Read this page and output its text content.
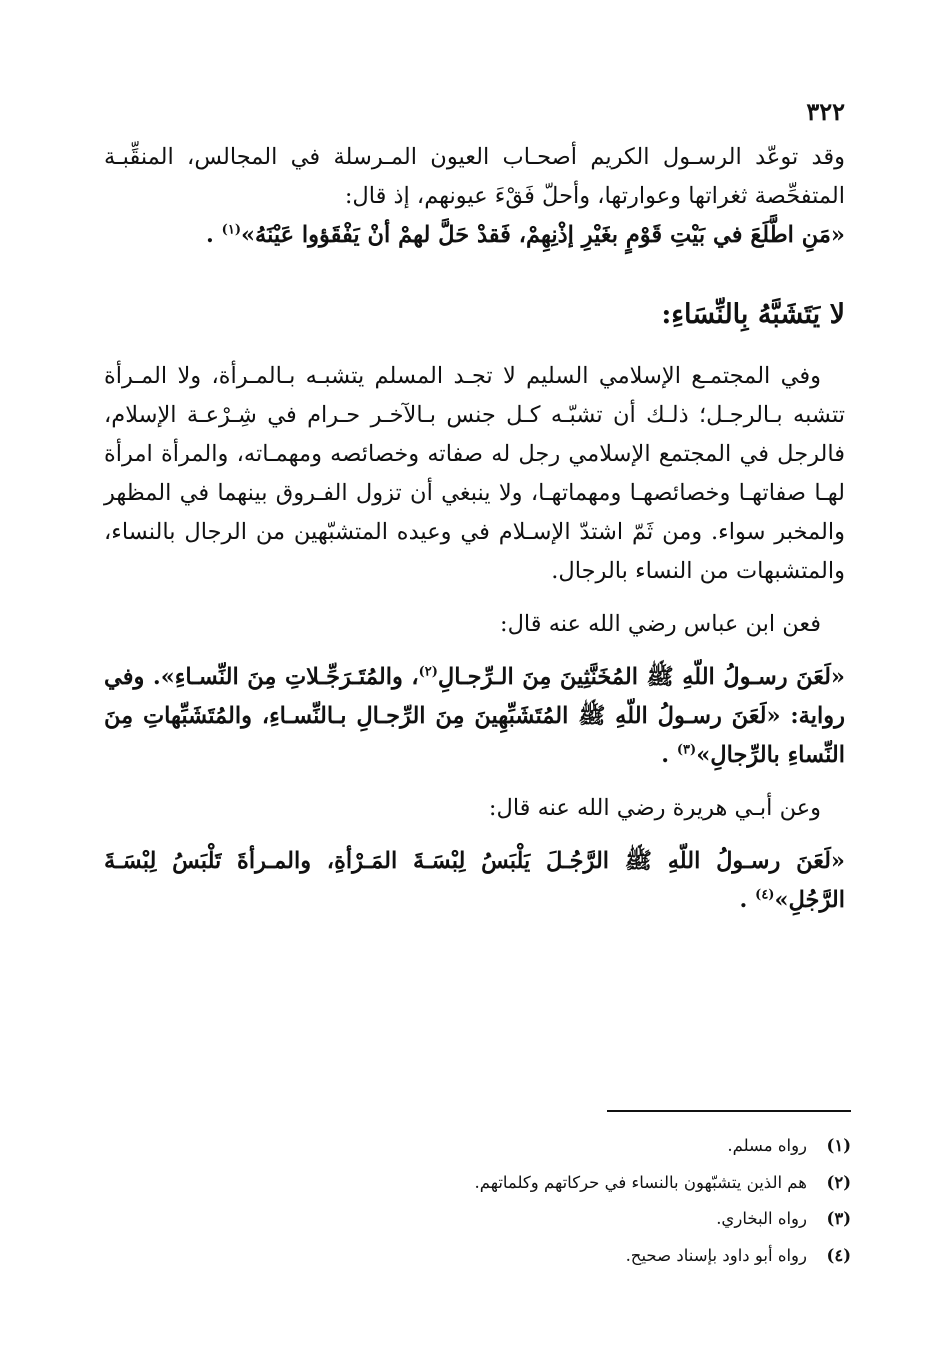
٣٢٢

وقد توعّد الرسـول الكريم أصحـاب العيون المـرسلة في المجالس، المنقِّبـة المتفحِّصة ثغراتها وعوارتها، وأحلّ فَقْءَ عيونهم، إذ قال:

«مَنِ اطَّلَعَ في بَيْتِ قَوْمٍ بغَيْرِ إذْنِهِمْ، فَقدْ حَلَّ لهمْ أنْ يَفْقَؤوا عَيْنَهُ»$^{(١)}$ .

لا يَتَشَبَّهُ بِالنِّسَاءِ:

وفي المجتمـع الإسلامي السليم لا تجـد المسلم يتشبـه بـالمـرأة، ولا المـرأة تتشبه بـالرجـل؛ ذلـك أن تشبّـه كـل جنس بـالآخـر حـرام في شِـرْعـة الإسلام، فالرجل في المجتمع الإسلامي رجل له صفاته وخصائصه ومهمـاته، والمرأة امرأة لهـا صفاتهـا وخصائصهـا ومهماتهـا، ولا ينبغي أن تزول الفـروق بينهما في المظهر والمخبر سواء. ومن ثَمّ اشتدّ الإسـلام في وعيده المتشبّهين من الرجال بالنساء، والمتشبهات من النساء بالرجال.

فعن ابن عباس رضي الله عنه قال:

«لَعَنَ رسـولُ اللّهِ ﷺ المُخَنَّثِينَ مِنَ الـرِّجـالِ$^{(٢)}$، والمُتَـرَجِّـلاتِ مِنَ النِّسـاءِ». وفي رواية: «لَعَنَ رسـولُ اللّهِ ﷺ المُتَشَبِّهِينَ مِنَ الرِّجـالِ بـالنِّسـاءِ، والمُتَشَبِّهاتِ مِنَ النِّساءِ بالرِّجالِ»$^{(٣)}$ .

وعن أبـي هريرة رضي الله عنه قال:

«لَعَنَ رسـولُ اللّهِ ﷺ الرَّجُـلَ يَلْبَسُ لِبْسَـةَ المَـرْأةِ، والمـرأةَ تَلْبَسُ لِبْسَـةَ الرَّجُلِ»$^{(٤)}$ .

(١)
رواه مسلم.
(٢)
هم الذين يتشبّهون بالنساء في حركاتهم وكلماتهم.
(٣)
رواه البخاري.
(٤)
رواه أبو داود بإسناد صحيح.
